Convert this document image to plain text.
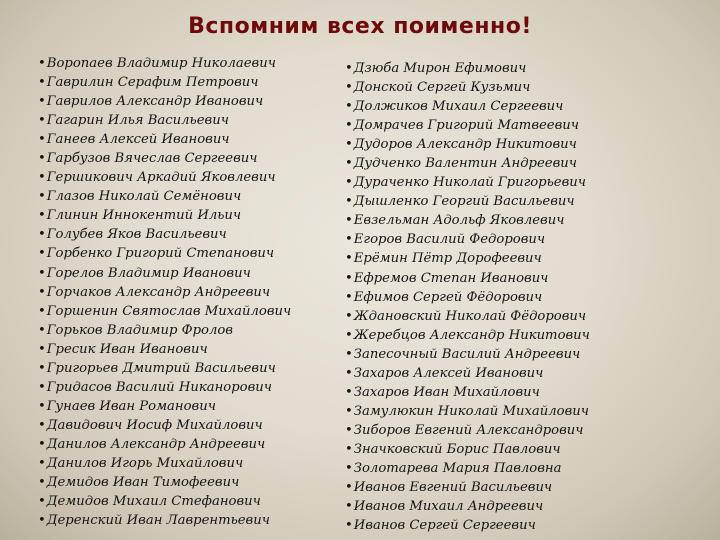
Вспомним всех поименно!
• Воропаев Владимир Николаевич
• Гаврилин Серафим Петрович
• Гаврилов Александр Иванович
• Гагарин Илья Васильевич
• Ганеев Алексей Иванович
• Гарбузов Вячеслав Сергеевич
• Гершикович Аркадий Яковлевич
• Глазов Николай Семёнович
• Глинин Иннокентий Ильич
• Голубев Яков Васильевич
• Горбенко Григорий Степанович
• Горелов Владимир Иванович
• Горчаков Александр Андреевич
• Горшенин Святослав Михайлович
• Горьков Владимир Фролов
• Гресик Иван Иванович
• Григорьев Дмитрий Васильевич
• Гридасов Василий Никанорович
• Гунаев Иван Романович
• Давидович Иосиф Михайлович
• Данилов Александр Андреевич
• Данилов Игорь Михайлович
• Демидов Иван Тимофеевич
• Демидов Михаил Стефанович
• Деренский Иван Лаврентьевич
• Дзюба Мирон Ефимович
• Донской Сергей Кузьмич
• Должиков Михаил Сергеевич
• Домрачев Григорий Матвеевич
• Дудоров Александр Никитович
• Дудченко Валентин Андреевич
• Дураченко Николай Григорьевич
• Дышленко Георгий Васильевич
• Евзельман Адольф Яковлевич
• Егоров Василий Федорович
• Ерёмин Пётр Дорофеевич
• Ефремов Степан Иванович
• Ефимов Сергей Фёдорович
• Ждановский Николай Фёдорович
• Жеребцов Александр Никитович
• Запесочный Василий Андреевич
• Захаров Алексей Иванович
• Захаров Иван Михайлович
• Замулюкин Николай Михайлович
• Зиборов Евгений Александрович
• Значковский Борис Павлович
• Золотарева Мария Павловна
• Иванов Евгений Васильевич
• Иванов Михаил Андреевич
• Иванов Сергей Сергеевич
